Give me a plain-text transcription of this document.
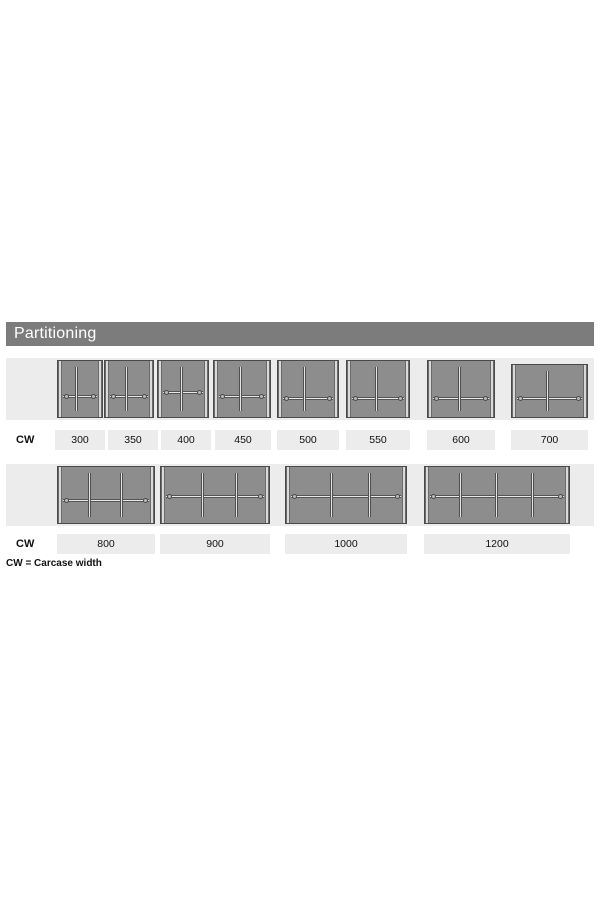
Partitioning
CW	300	350	400	450	500	550	600	700
CW	800	900	1000	1200
CW = Carcase width
